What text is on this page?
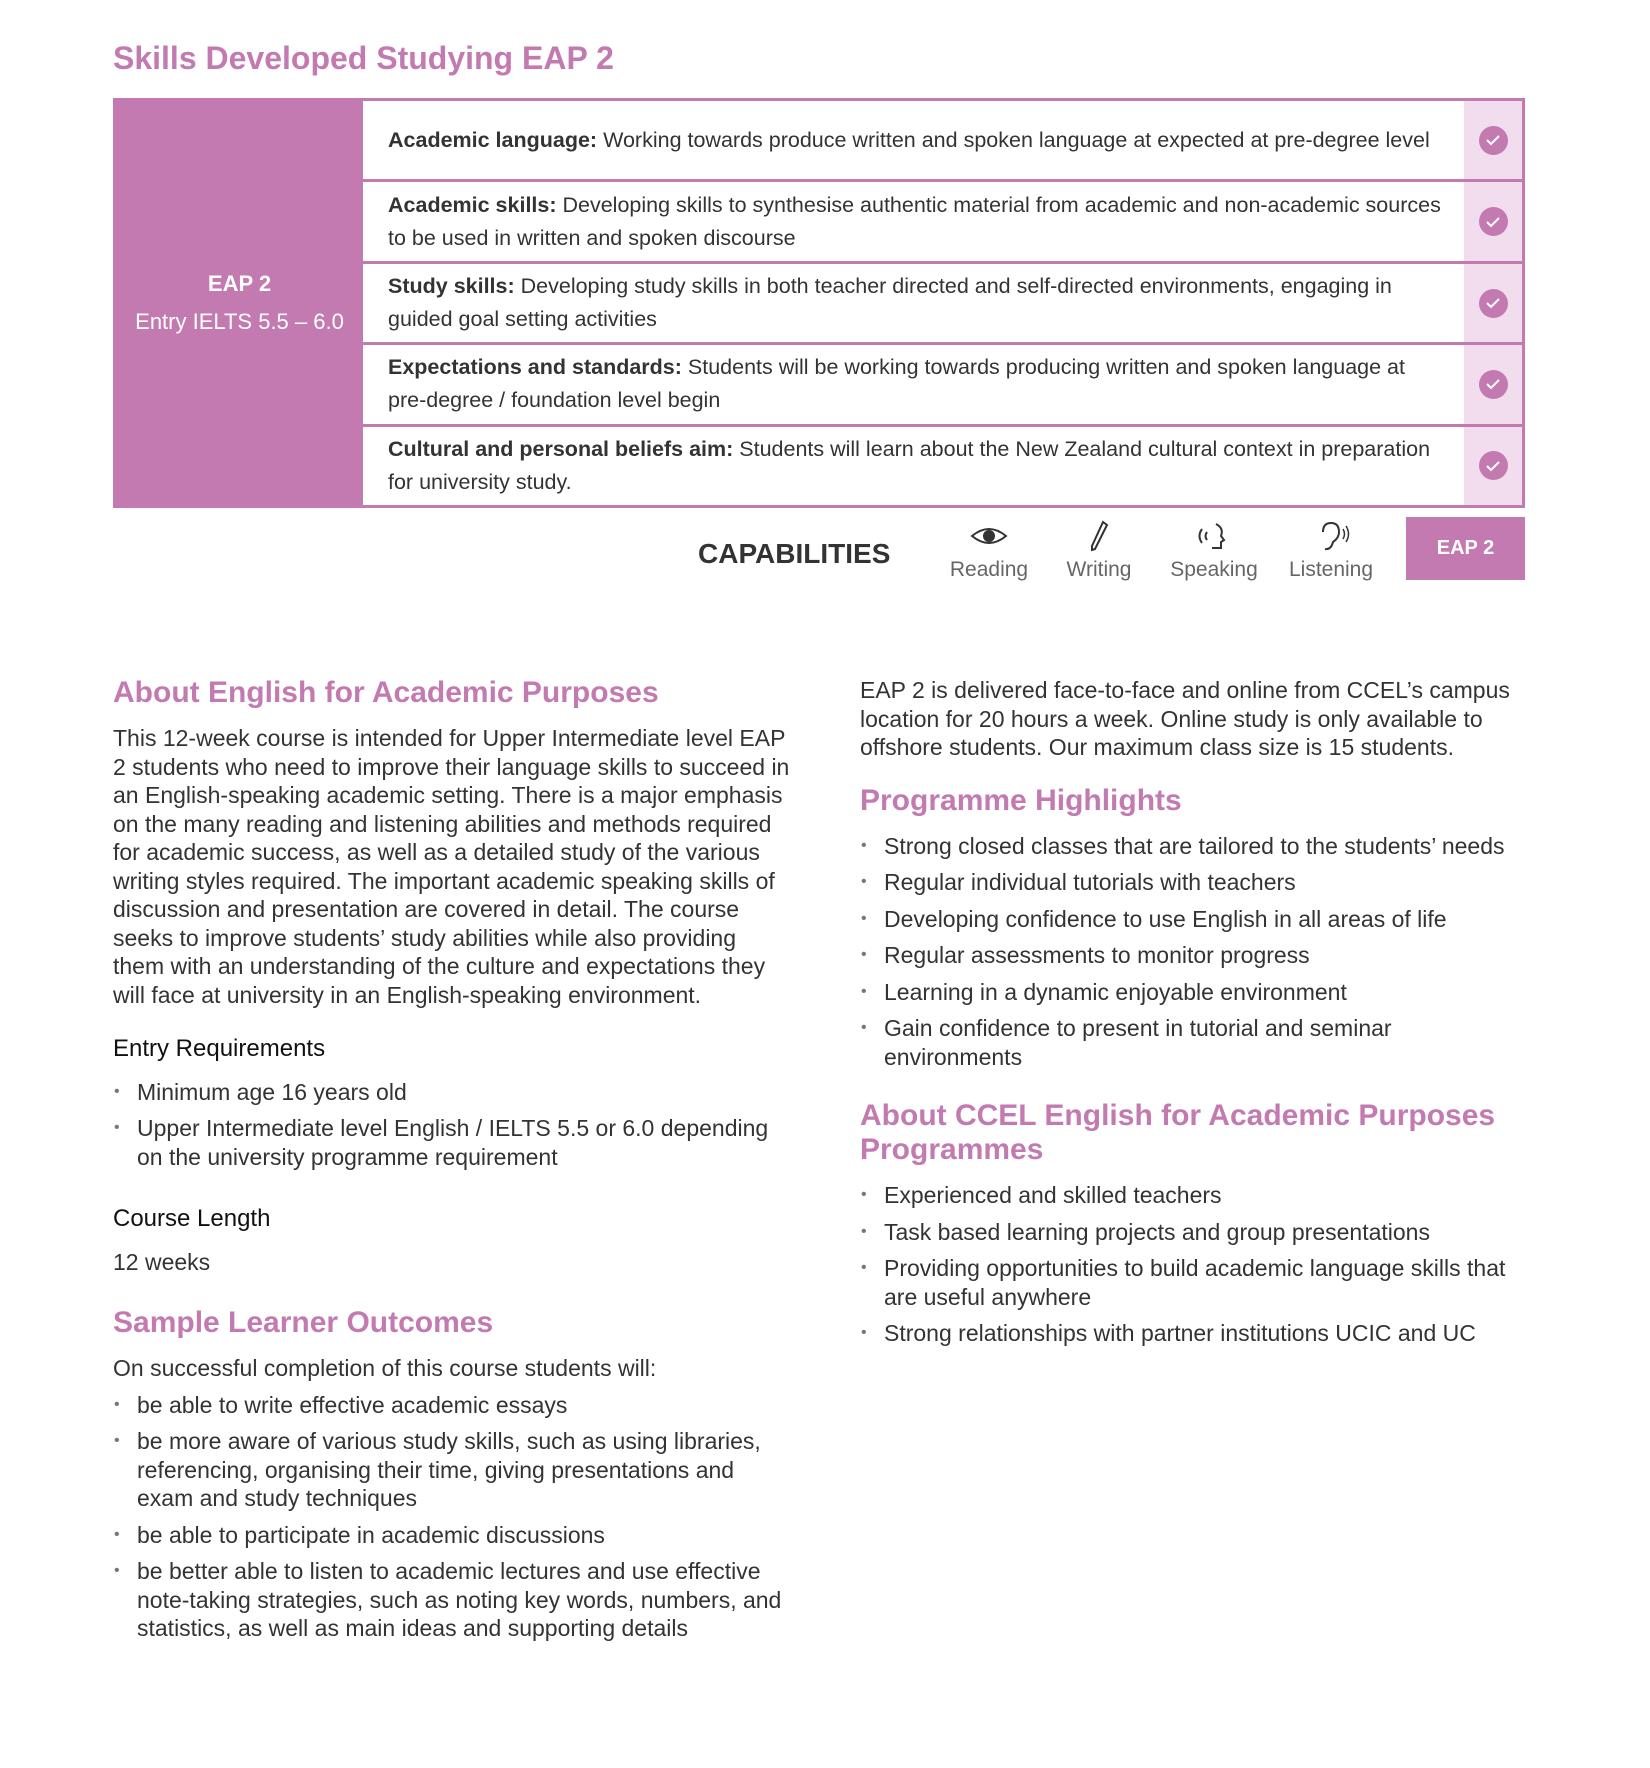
Skills Developed Studying EAP 2
EAP 2
Entry IELTS 5.5 – 6.0
Academic language: Working towards produce written and spoken language at expected at pre-degree level
Academic skills: Developing skills to synthesise authentic material from academic and non-academic sources to be used in written and spoken discourse
Study skills: Developing study skills in both teacher directed and self-directed environments, engaging in guided goal setting activities
Expectations and standards: Students will be working towards producing written and spoken language at pre-degree / foundation level begin
Cultural and personal beliefs aim: Students will learn about the New Zealand cultural context in preparation for university study.
CAPABILITIES
Reading	Writing	Speaking	Listening
EAP 2
About English for Academic Purposes

This 12-week course is intended for Upper Intermediate level EAP 2 students who need to improve their language skills to succeed in an English-speaking academic setting. There is a major emphasis on the many reading and listening abilities and methods required for academic success, as well as a detailed study of the various writing styles required. The important academic speaking skills of discussion and presentation are covered in detail. The course seeks to improve students’ study abilities while also providing them with an understanding of the culture and expectations they will face at university in an English-speaking environment.

Entry Requirements
• Minimum age 16 years old
• Upper Intermediate level English / IELTS 5.5 or 6.0 depending on the university programme requirement
Course Length

12 weeks

Sample Learner Outcomes

On successful completion of this course students will:

• be able to write effective academic essays
• be more aware of various study skills, such as using libraries, referencing, organising their time, giving presentations and exam and study techniques
• be able to participate in academic discussions
• be better able to listen to academic lectures and use effective note-taking strategies, such as noting key words, numbers, and statistics, as well as main ideas and supporting details

EAP 2 is delivered face-to-face and online from CCEL’s campus location for 20 hours a week. Online study is only available to offshore students. Our maximum class size is 15 students.

Programme Highlights
• Strong closed classes that are tailored to the students’ needs
• Regular individual tutorials with teachers
• Developing confidence to use English in all areas of life
• Regular assessments to monitor progress
• Learning in a dynamic enjoyable environment
• Gain confidence to present in tutorial and seminar environments
About CCEL English for Academic Purposes Programmes
• Experienced and skilled teachers
• Task based learning projects and group presentations
• Providing opportunities to build academic language skills that are useful anywhere
• Strong relationships with partner institutions UCIC and UC
